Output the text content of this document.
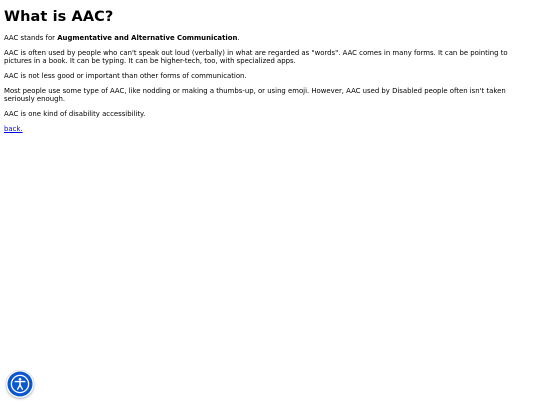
What is AAC?

AAC stands for Augmentative and Alternative Communication.

AAC is often used by people who can't speak out loud (verbally) in what are regarded as "words". AAC comes in many forms. It can be pointing to pictures in a book. It can be typing. It can be higher-tech, too, with specialized apps.

AAC is not less good or important than other forms of communication.

Most people use some type of AAC, like nodding or making a thumbs-up, or using emoji. However, AAC used by Disabled people often isn't taken seriously enough.

AAC is one kind of disability accessibility.

back.
